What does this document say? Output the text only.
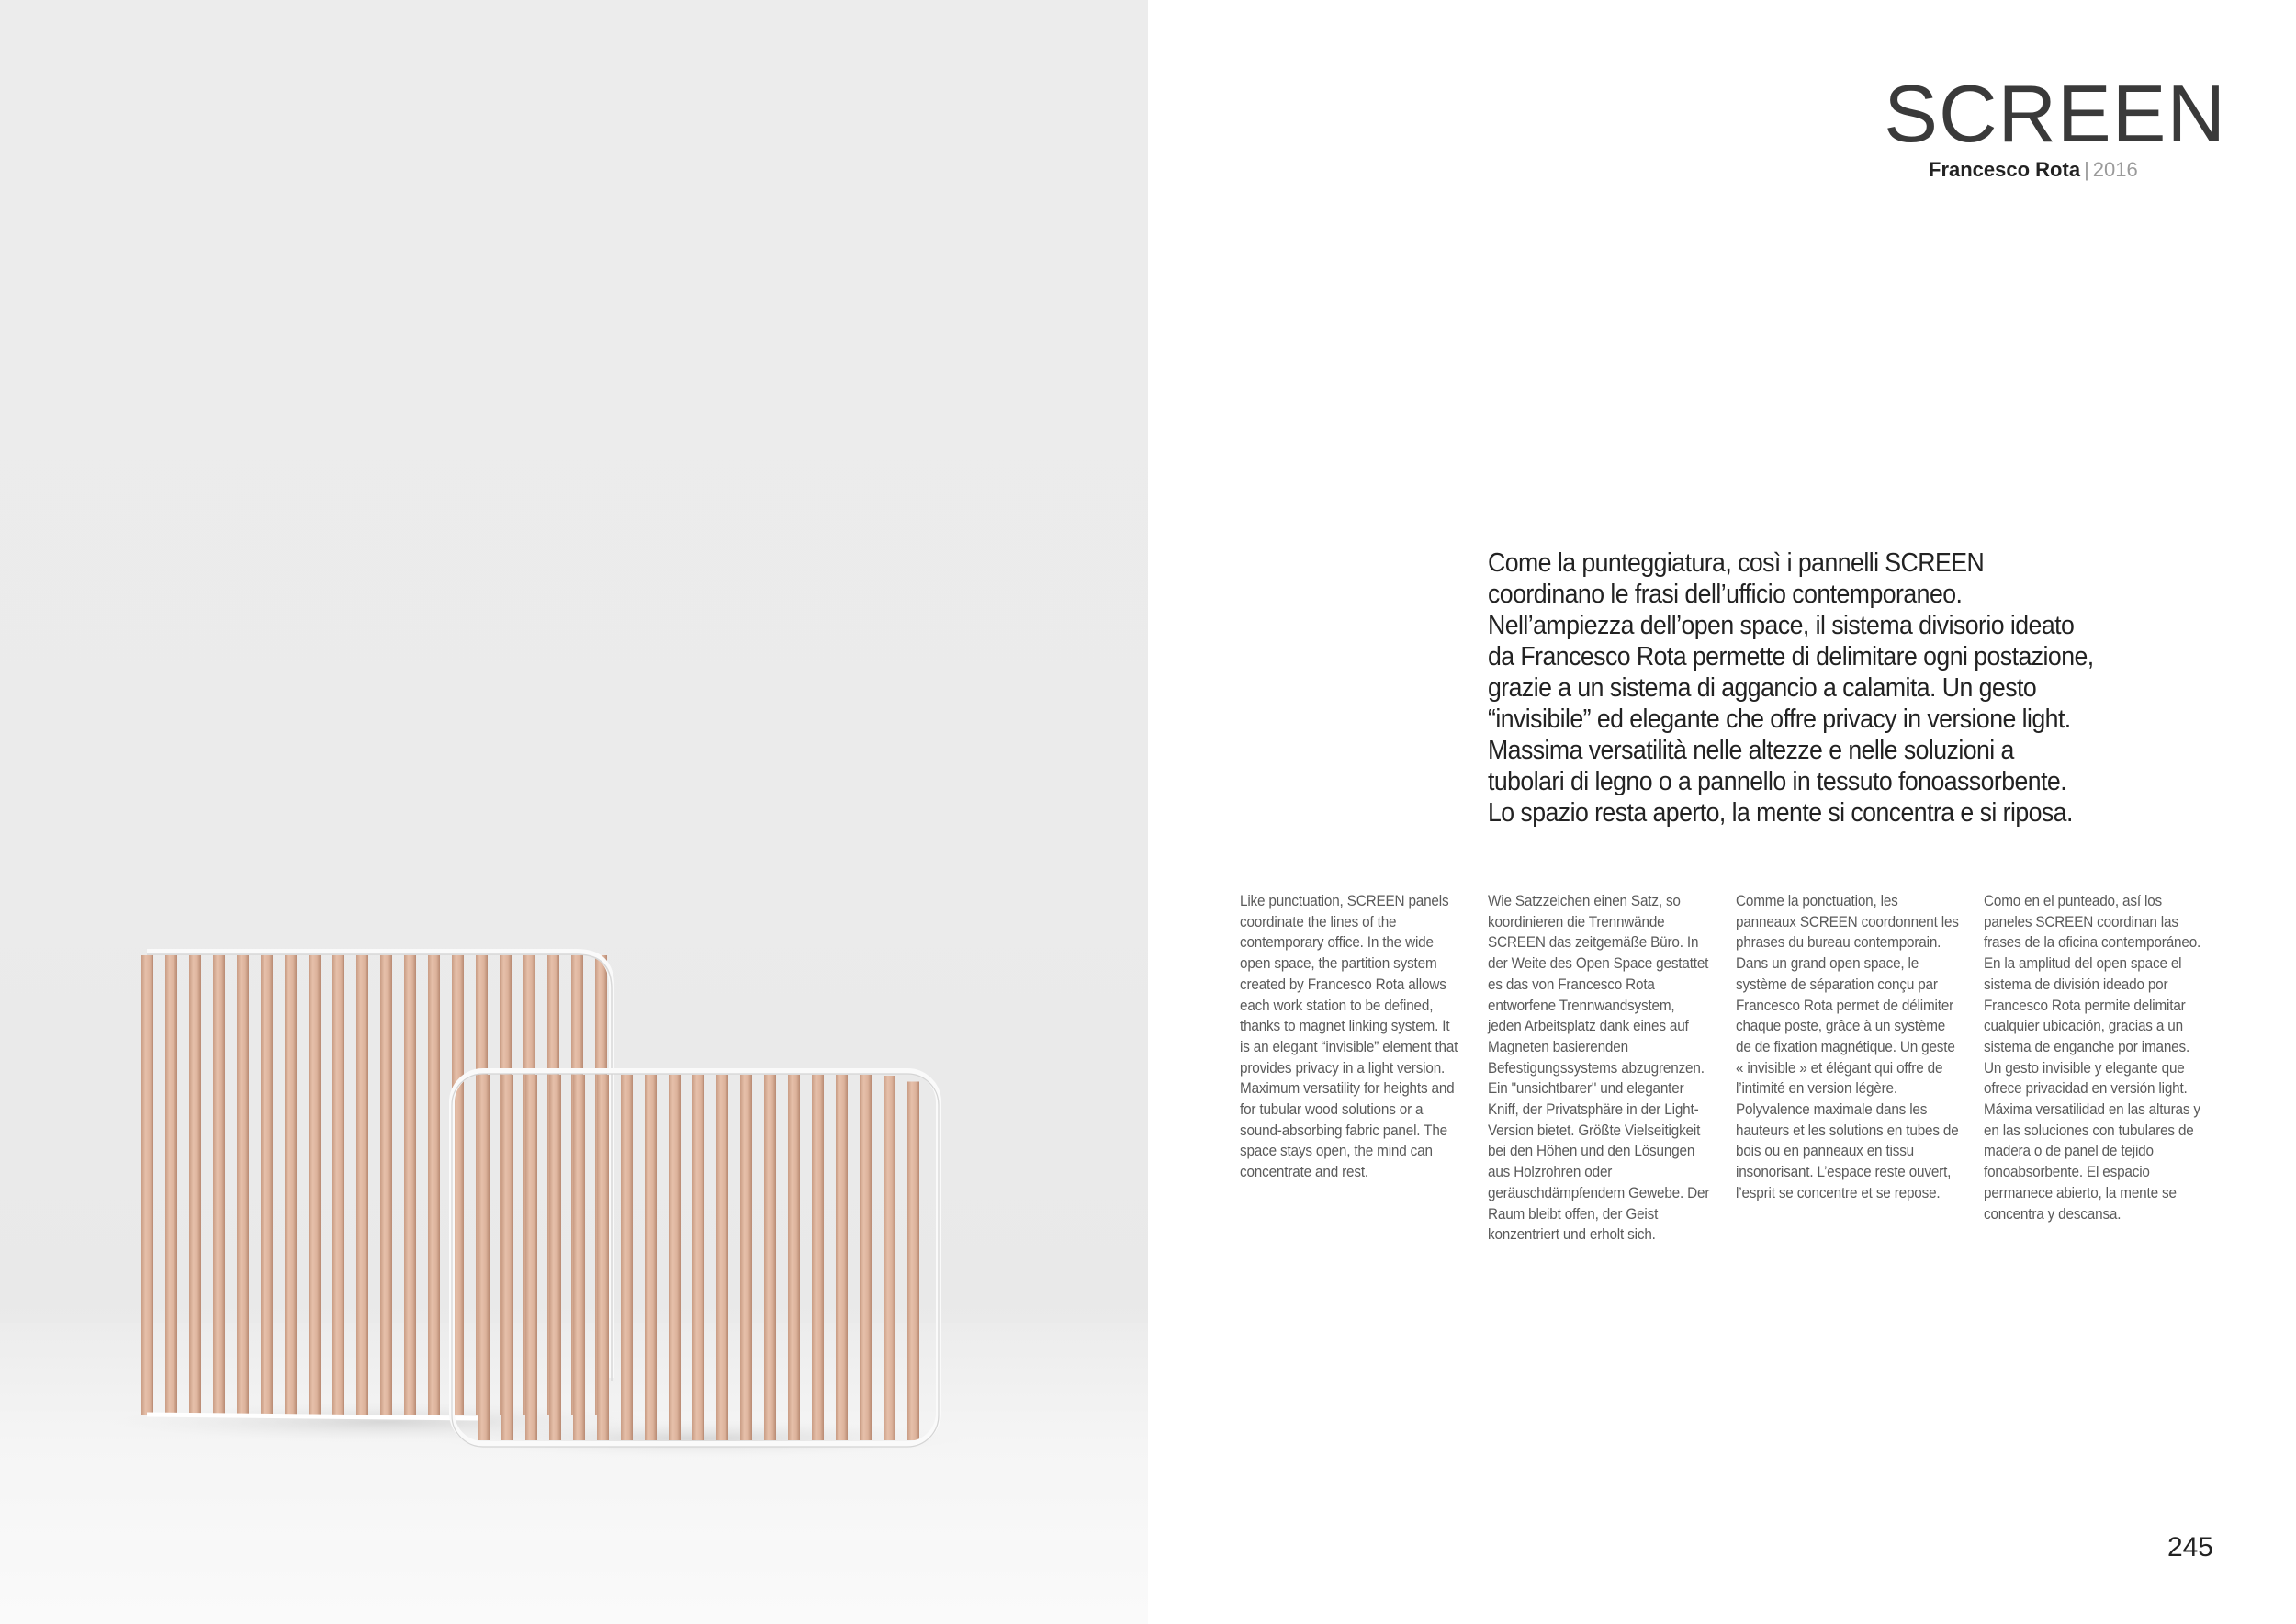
SCREEN
Francesco Rota | 2016

Come la punteggiatura, così i pannelli SCREEN coordinano le frasi dell’ufficio contemporaneo. Nell’ampiezza dell’open space, il sistema divisorio ideato da Francesco Rota permette di delimitare ogni postazione, grazie a un sistema di aggancio a calamita. Un gesto “invisibile” ed elegante che offre privacy in versione light. Massima versatilità nelle altezze e nelle soluzioni a tubolari di legno o a pannello in tessuto fonoassorbente. Lo spazio resta aperto, la mente si concentra e si riposa.

Like punctuation, SCREEN panels coordinate the lines of the contemporary office. In the wide open space, the partition system created by Francesco Rota allows each work station to be defined, thanks to magnet linking system. It is an elegant “invisible” element that provides privacy in a light version. Maximum versatility for heights and for tubular wood solutions or a sound-absorbing fabric panel. The space stays open, the mind can concentrate and rest.

Wie Satzzeichen einen Satz, so koordinieren die Trennwände SCREEN das zeitgemäße Büro. In der Weite des Open Space gestattet es das von Francesco Rota entworfene Trennwandsystem, jeden Arbeitsplatz dank eines auf Magneten basierenden Befestigungssystems abzugrenzen. Ein "unsichtbarer" und eleganter Kniff, der Privatsphäre in der Light-Version bietet. Größte Vielseitigkeit bei den Höhen und den Lösungen aus Holzrohren oder geräuschdämpfendem Gewebe. Der Raum bleibt offen, der Geist konzentriert und erholt sich.

Comme la ponctuation, les panneaux SCREEN coordonnent les phrases du bureau contemporain. Dans un grand open space, le système de séparation conçu par Francesco Rota permet de délimiter chaque poste, grâce à un système de de fixation magnétique. Un geste « invisible » et élégant qui offre de l’intimité en version légère. Polyvalence maximale dans les hauteurs et les solutions en tubes de bois ou en panneaux en tissu insonorisant. L’espace reste ouvert, l’esprit se concentre et se repose.

Como en el punteado, así los paneles SCREEN coordinan las frases de la oficina contemporáneo. En la amplitud del open space el sistema de división ideado por Francesco Rota permite delimitar cualquier ubicación, gracias a un sistema de enganche por imanes. Un gesto invisible y elegante que ofrece privacidad en versión light. Máxima versatilidad en las alturas y en las soluciones con tubulares de madera o de panel de tejido fonoabsorbente. El espacio permanece abierto, la mente se concentra y descansa.

245
